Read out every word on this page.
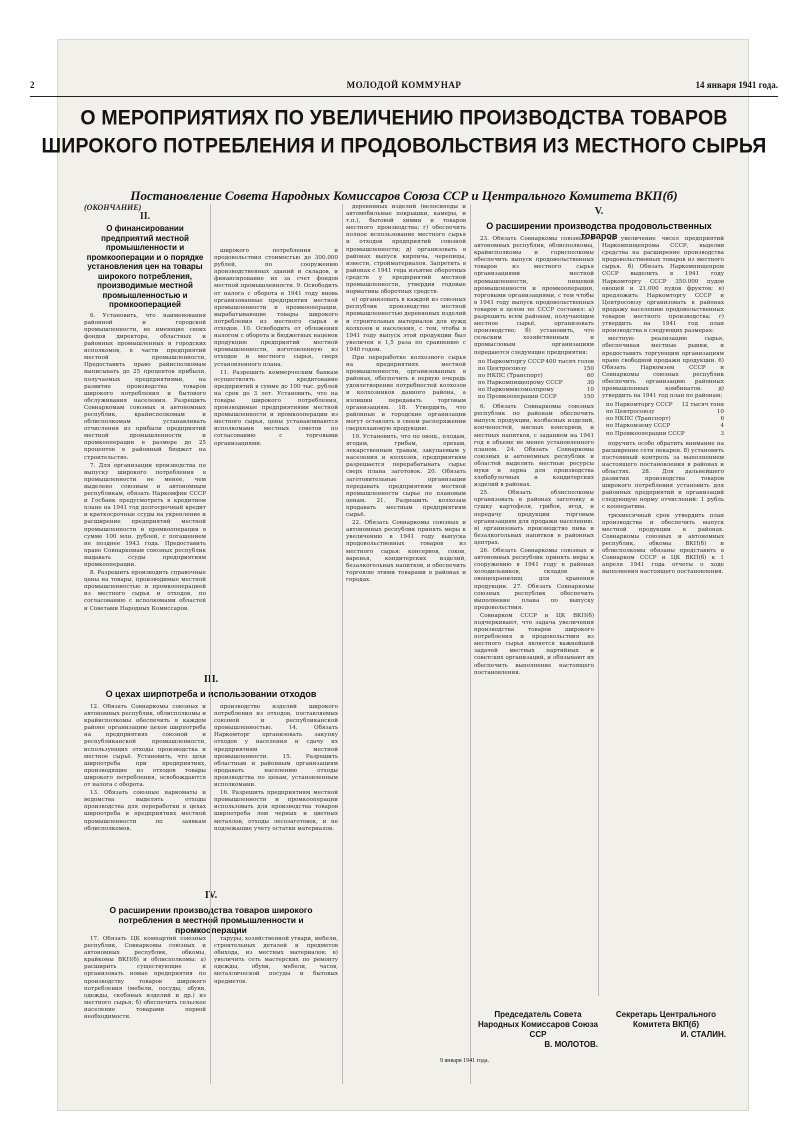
2	МОЛОДОЙ КОММУНАР	14 января 1941 года.
О МЕРОПРИЯТИЯХ ПО УВЕЛИЧЕНИЮ ПРОИЗВОДСТВА ТОВАРОВ ШИРОКОГО ПОТРЕБЛЕНИЯ И ПРОДОВОЛЬСТВИЯ ИЗ МЕСТНОГО СЫРЬЯ
Постановление Совета Народных Комиссаров Союза ССР и Центрального Комитета ВКП(б)
(ОКОНЧАНИЕ)
II.
О финансировании предприятий местной промышленности и промкооперации и о порядке установления цен на товары широкого потребления, производимые местной промышленностью и промкооперацией

6. Установить, что наименования районной и городской промышленности, не имеющие своих фондов директора, областных и районных промышленных и городских исполкомов, в части предприятий местной промышленности, Предоставить право райисполкомам выписывать до 25 процентов прибыли, получаемых предприятиями, на развитие производства товаров широкого потребления и бытового обслуживания населения. Разрешить Совнаркомам союзных и автономных республик, крайисполкомам и облисполкомам устанавливать отчисления из прибыли предприятий местной промышленности и промкооперации в размере до 25 процентов в районный бюджет на строительство.

7. Для организации производства по выпуску широкого потребления в промышленности не менее, чем выделено союзным и автономным республикам, обязать Наркомфин СССР и Госбанк предусмотреть в кредитном плане на 1941 год долгосрочный кредит и краткосрочные ссуды на укрепление и расширение предприятий местной промышленности и промкооперации в сумме 100 млн. рублей, с погашением не позднее 1943 года. Предоставить право Совнаркомам союзных республик выдавать ссуды предприятиям промкооперации.

8. Разрешить производить справочные цены на товары, производимые местной промышленностью и промкооперацией из местного сырья и отходов, по согласованию с исполкомами областей и Советами Народных Комиссаров.

широкого потребления и продовольствия стоимостью до 300.000 рублей, по сооружению производственных зданий и складов, и финансирование их за счет фондов местной промышленности. 9. Освободить от налога с оборота в 1941 году вновь организованные предприятия местной промышленности и промкооперации, вырабатывающие товары широкого потребления из местного сырья и отходов. 10. Освободить от обложения налогом с оборота и бюджетных наценок продукцию предприятий местной промышленности, изготовленную из отходов и местного сырья, сверх установленного плана.

11. Разрешить коммерческим банкам осуществлять кредитование предприятий в сумме до 100 тыс. рублей на срок до 3 лет. Установить, что на товары широкого потребления, производимые предприятиями местной промышленности и промкооперации из местного сырья, цены устанавливаются исполкомами местных советов по согласованию с торговыми организациями.

III.
О цехах ширпотреба и использовании отходов

12. Обязать Совнаркомы союзных и автономных республик, облисполкомы и крайисполкомы обеспечить в каждом районе организацию цехов ширпотреба на предприятиях союзной и республиканской промышленности, использующих отходы производства и местное сырьё. Установить, что цехи ширпотреба при предприятиях, производящие из отходов товары широкого потребления, освобождаются от налога с оборота.

13. Обязать союзные наркоматы и ведомства выделять отходы производства для переработки в цехах ширпотреба и предприятиях местной промышленности по заявкам облисполкомов.

производство изделий широкого потребления из отходов, поставляемых союзной и республиканской промышленностью. 14. Обязать Наркомторг организовать закупку отходов у населения и сдачу их предприятиям местной промышленности. 15. Разрешить областным и районным организациям продавать населению отходы производства по ценам, установленным исполкомами.

16. Разрешить предприятиям местной промышленности и промкооперации использовать для производства товаров ширпотреба лом черных и цветных металлов, отходы лесозаготовок, и не подлежащие учету остатки материалов.

IV.
О расширении производства товаров широкого потребления в местной промышленности и промкооперации

17. Обязать ЦК компартий союзных республик, Совнаркомы союзных и автономных республик, обкомы, крайкомы ВКП(б) и облисполкомы: а) расширить существующие и организовать новые предприятия по производству товаров широкого потребления (мебели, посуды, обуви, одежды, скобяных изделий и др.) из местного сырья; б) обеспечить сельское население товарами первой необходимости.

таруры, хозяйственной утвари, мебели, строительных деталей и предметов обихода, из местных материалов; в) увеличить сеть мастерских по ремонту одежды, обуви, мебели, часов, металлической посуды и бытовых предметов.

деревянных изделий (велосипеды и автомобильные покрышки, камеры, и т.п.), бытовой химии и товаров местного производства; г) обеспечить полное использование местного сырья и отходов предприятий союзной промышленности; д) организовать в районах выпуск кирпича, черепицы, извести, стройматериалов. Запретить в районах с 1941 года изъятие оборотных средств у предприятий местной промышленности, утвердив годовые нормативы оборотных средств.

е) организовать в каждой из союзных республик производство местной промышленностью деревянных изделий и строительных материалов для нужд колхозов и населения, с тем, чтобы в 1941 году выпуск этой продукции был увеличен в 1,5 раза по сравнению с 1940 годом.

При переработке колхозного сырья на предприятиях местной промышленности, организованных в районах, обеспечить в первую очередь удовлетворение потребностей колхозов и колхозников данного района, а излишки передавать торговым организациям. 18. Утвердить, что районные и городские организации могут оставлять в своем распоряжении сверхплановую продукцию.

19. Установить, что по овощ., плодам, ягодам, грибам, орехам, лекарственным травам, закупаемым у населения и колхозов, предприятиям разрешается перерабатывать сырье сверх плана заготовок. 20. Обязать заготовительные организации передавать предприятиям местной промышленности сырье по плановым ценам. 21. Разрешить колхозам продавать местным предприятиям сырьё.

22. Обязать Совнаркомы союзных и автономных республик принять меры к увеличению в 1941 году выпуска продовольственных товаров из местного сырья: консервов, соков, варенья, кондитерских изделий, безалкогольных напитков, и обеспечить торговлю этими товарами в районах и городах.

V.
О расширении производства продовольственных товаров

23. Обязать Совнаркомы союзных и автономных республик, облисполкомы, крайисполкомы и горисполкомы обеспечить выпуск продовольственных товаров из местного сырья организациями местной промышленности, пищевой промышленности и промкооперации, торговыми организациями, с тем чтобы в 1941 году выпуск продовольственных товаров в целом по СССР составил: а) разрешить всем районам, получающим местное сырьё, организовать производство; б) установить, что сельским хозяйственным и промысловым организациям передаются следующие предприятия:

по Наркомторгу СССР 400 тысяч голов
по Центросоюзу	150
по НКПС (Транспорт)	60
по Наркомпищепрому СССР	30
по Наркоммясомолпрому	10
по Промкооперации СССР	150

6. Обязать Совнаркомы союзных республик по районам обеспечить выпуск продукции, колбасных изделий, копченостей, мясных консервов, и местных напитков, с заданием на 1941 год в объеме не менее установленного планом. 24. Обязать Совнаркомы союзных и автономных республик и областей выделить местные ресурсы муки и зерна для производства хлебобулочных и кондитерских изделий в районах.

25. Обязать облисполкомы организовать в районах заготовку и сушку картофеля, грибов, ягод, и передачу продукции торговым организациям для продажи населению. в) организовать производство пива и безалкогольных напитков в районных центрах.

26. Обязать Совнаркомы союзных и автономных республик принять меры к сооружению в 1941 году в районах холодильников, складов и овощехранилищ для хранения продукции. 27. Обязать Совнаркомы союзных республик обеспечить выполнение плана по выпуску продовольствия.

Совнарком СССР и ЦК ВКП(б) подчеркивают, что задача увеличения производства товаров широкого потребления и продовольствия из местного сырья является важнейшей задачей местных партийных и советских организаций, и обязывают их обеспечить выполнение настоящего постановления.

на увеличение чисел предприятий Наркомпищепрома СССР, выделив средства на расширение производства продовольственных товаров из местного сырья. б) Обязать Наркомпищепром СССР выделить в 1941 году Наркомторгу СССР 350.000 пудов овощей и 21.000 пудов фруктов; в) предложить Наркомторгу СССР и Центросоюзу организовать в районах продажу населению продовольственных товаров местного производства; г) утвердить на 1941 год план производства в следующих размерах:

местную реализацию сырья, обеспечивая местные рынки, и предоставить торгующим организациям право свободной продажи продукции. 6) Обязать Наркомзем СССР и Совнаркомы союзных республик обеспечить организацию районных промышленных комбинатов. д) утвердить на 1941 год план по районам:

по Наркомторгу СССР 12 тысяч тонн
по Центросоюзу	10
по НКПС (Транспорт)	6
по Наркомзему СССР	4
по Промкооперации СССР	3

поручить особо обратить внимание на расширение сети пекарен. 8) установить постоянный контроль за выполнением настоящего постановления в районах и областях. 28. Для дальнейшего развития производства товаров широкого потребления установить для районных предприятий и организаций следующую норму отчислений: 1 рубль с кооператива.

трехмесячный срок утвердить план производства и обеспечить выпуск местной продукции в районах. Совнаркомы союзных и автономных республик, обкомы ВКП(б) и облисполкомы обязаны представить в Совнарком СССР и ЦК ВКП(б) к 1 апреля 1941 года отчеты о ходе выполнения настоящего постановления.

Председатель Совета Народных Комиссаров Союза ССР
В. МОЛОТОВ.
Секретарь Центрального Комитета ВКП(б)
И. СТАЛИН.
9 января 1941 года.
